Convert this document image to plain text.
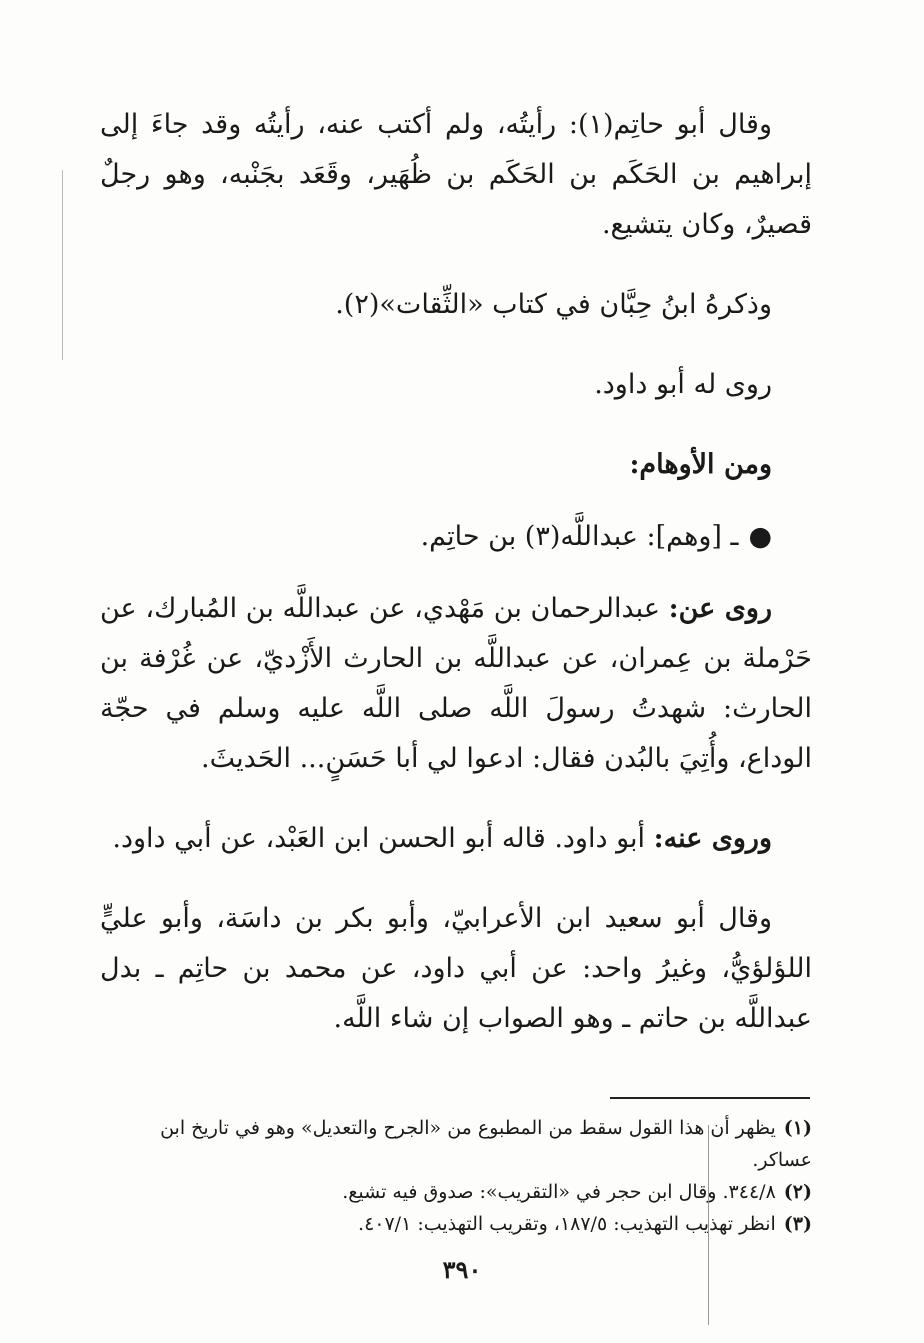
وقال أبو حاتِم(١): رأيتُه، ولم أكتب عنه، رأيتُه وقد جاءَ إلى إبراهيم بن الحَكَم بن الحَكَم بن ظُهَير، وقَعَد بجَنْبه، وهو رجلٌ قصيرٌ، وكان يتشيع.

وذكرهُ ابنُ حِبَّان في كتاب «الثِّقات»(٢).

روى له أبو داود.

ومن الأوهام:

●ـ [وهم]: عبداللَّه(٣) بن حاتِم.

روى عن: عبدالرحمان بن مَهْدي، عن عبداللَّه بن المُبارك، عن حَرْملة بن عِمران، عن عبداللَّه بن الحارث الأَزْديّ، عن غُرْفة بن الحارث: شهدتُ رسولَ اللَّه صلى اللَّه عليه وسلم في حجّة الوداع، وأُتِيَ بالبُدن فقال: ادعوا لي أبا حَسَنٍ... الحَديثَ.

وروى عنه: أبو داود. قاله أبو الحسن ابن العَبْد، عن أبي داود.

وقال أبو سعيد ابن الأعرابيّ، وأبو بكر بن داسَة، وأبو عليٍّ اللؤلؤيُّ، وغيرُ واحد: عن أبي داود، عن محمد بن حاتِم ـ بدل عبداللَّه بن حاتم ـ وهو الصواب إن شاء اللَّه.

(١)يظهر أن هذا القول سقط من المطبوع من «الجرح والتعديل» وهو في تاريخ ابن عساكر.
(٢)٣٤٤/٨. وقال ابن حجر في «التقريب»: صدوق فيه تشيع.
(٣)انظر تهذيب التهذيب: ١٨٧/٥، وتقريب التهذيب: ٤٠٧/١.
٣٩٠
